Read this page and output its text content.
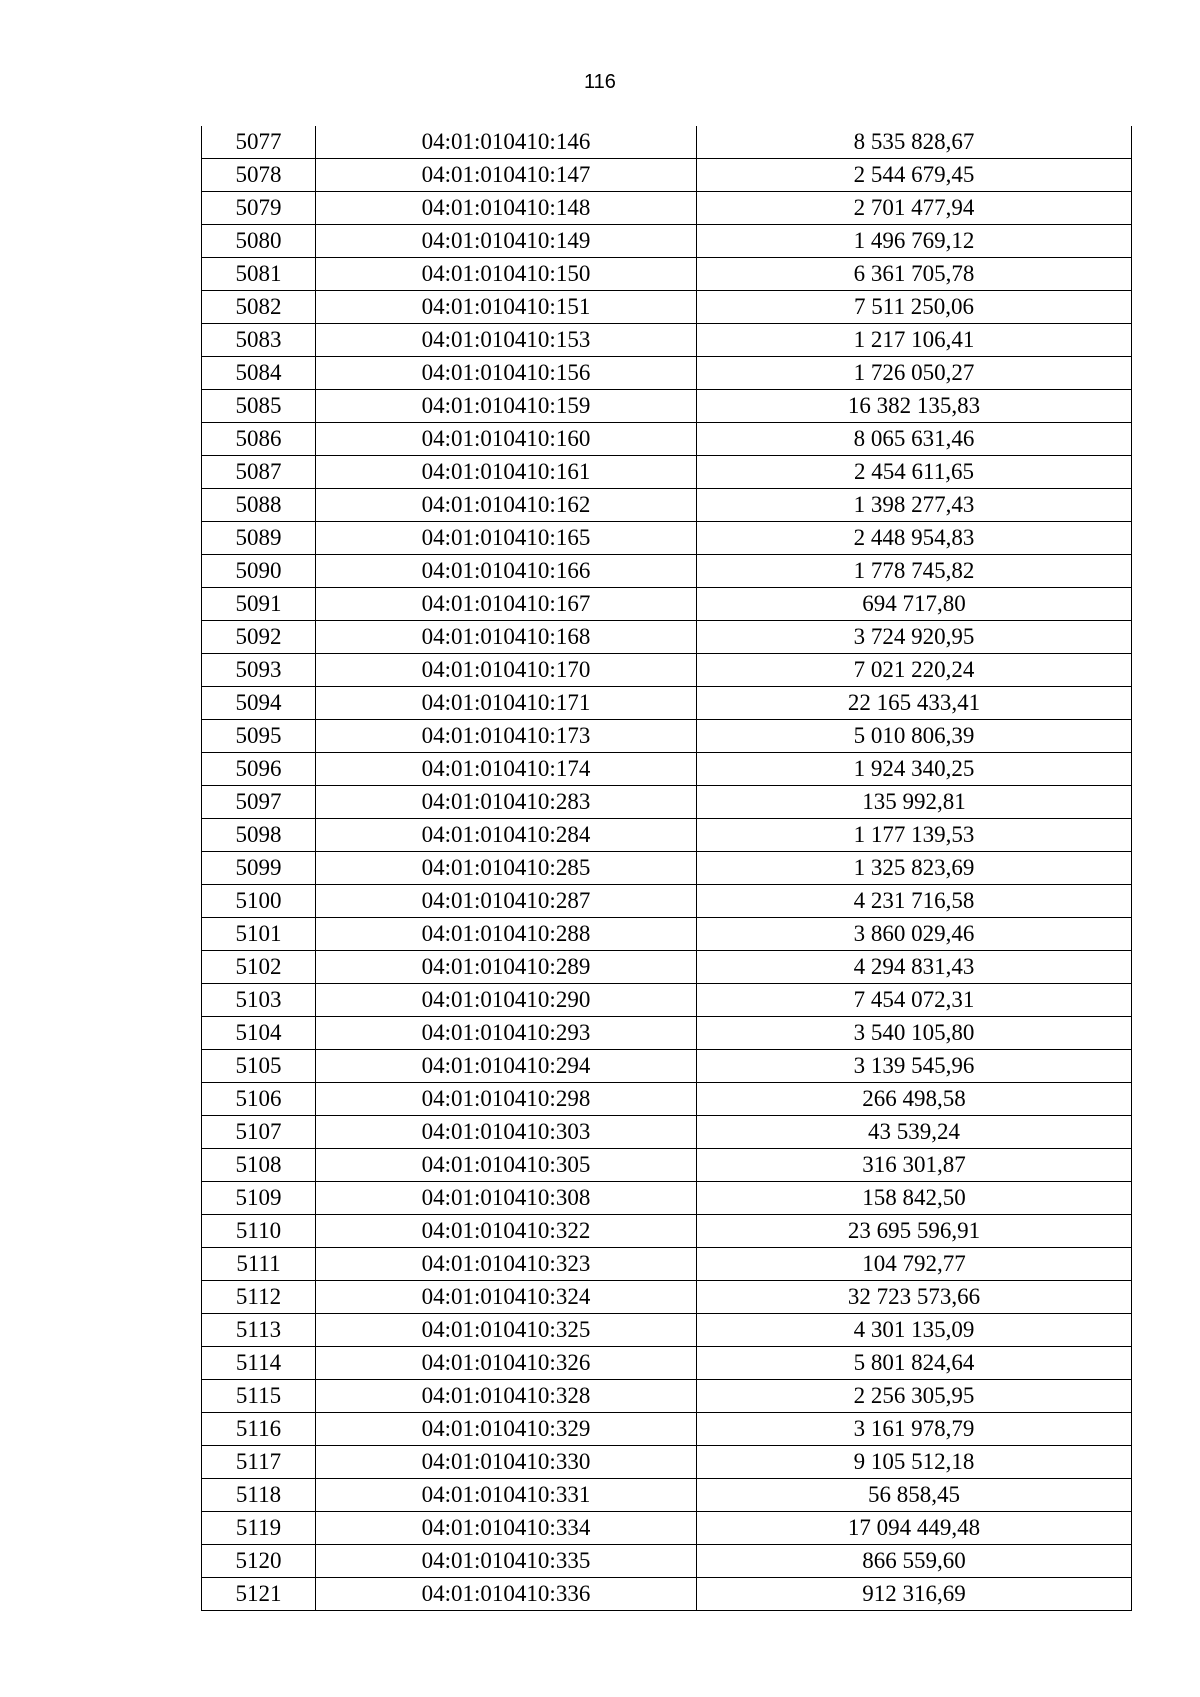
116
5077	04:01:010410:146	8 535 828,67
5078	04:01:010410:147	2 544 679,45
5079	04:01:010410:148	2 701 477,94
5080	04:01:010410:149	1 496 769,12
5081	04:01:010410:150	6 361 705,78
5082	04:01:010410:151	7 511 250,06
5083	04:01:010410:153	1 217 106,41
5084	04:01:010410:156	1 726 050,27
5085	04:01:010410:159	16 382 135,83
5086	04:01:010410:160	8 065 631,46
5087	04:01:010410:161	2 454 611,65
5088	04:01:010410:162	1 398 277,43
5089	04:01:010410:165	2 448 954,83
5090	04:01:010410:166	1 778 745,82
5091	04:01:010410:167	694 717,80
5092	04:01:010410:168	3 724 920,95
5093	04:01:010410:170	7 021 220,24
5094	04:01:010410:171	22 165 433,41
5095	04:01:010410:173	5 010 806,39
5096	04:01:010410:174	1 924 340,25
5097	04:01:010410:283	135 992,81
5098	04:01:010410:284	1 177 139,53
5099	04:01:010410:285	1 325 823,69
5100	04:01:010410:287	4 231 716,58
5101	04:01:010410:288	3 860 029,46
5102	04:01:010410:289	4 294 831,43
5103	04:01:010410:290	7 454 072,31
5104	04:01:010410:293	3 540 105,80
5105	04:01:010410:294	3 139 545,96
5106	04:01:010410:298	266 498,58
5107	04:01:010410:303	43 539,24
5108	04:01:010410:305	316 301,87
5109	04:01:010410:308	158 842,50
5110	04:01:010410:322	23 695 596,91
5111	04:01:010410:323	104 792,77
5112	04:01:010410:324	32 723 573,66
5113	04:01:010410:325	4 301 135,09
5114	04:01:010410:326	5 801 824,64
5115	04:01:010410:328	2 256 305,95
5116	04:01:010410:329	3 161 978,79
5117	04:01:010410:330	9 105 512,18
5118	04:01:010410:331	56 858,45
5119	04:01:010410:334	17 094 449,48
5120	04:01:010410:335	866 559,60
5121	04:01:010410:336	912 316,69
